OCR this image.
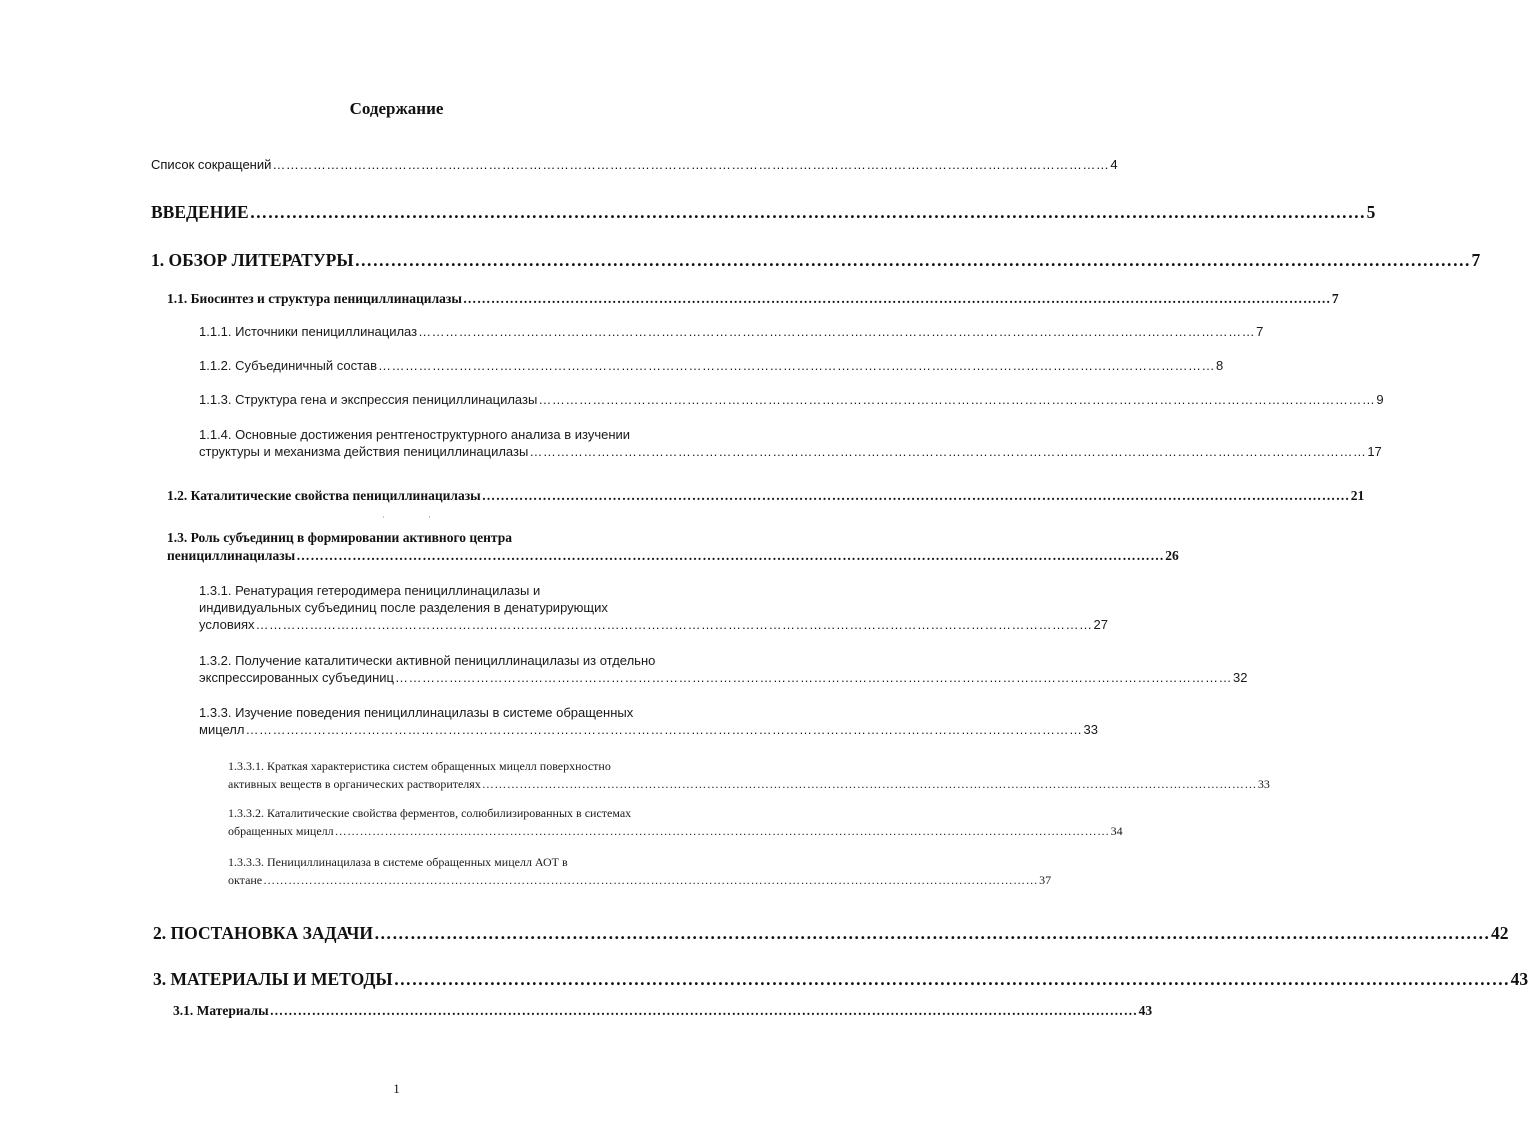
Содержание
Список сокращений …………………………………………………………………………………………………………………………………………………………………… 4
ВВЕДЕНИЕ …………………………………………………………………………………………………………………………………………………………………… 5
1. ОБЗОР ЛИТЕРАТУРЫ …………………………………………………………………………………………………………………………………………………………………… 7
1.1. Биосинтез и структура пенициллинацилазы …………………………………………………………………………………………………………………………………………………………………… 7
1.1.1. Источники пенициллинацилаз …………………………………………………………………………………………………………………………………………………………………… 7
1.1.2. Субъединичный состав …………………………………………………………………………………………………………………………………………………………………… 8
1.1.3. Структура гена и экспрессия пенициллинацилазы …………………………………………………………………………………………………………………………………………………………………… 9
1.1.4. Основные достижения рентгеноструктурного анализа в изучении
структуры и механизма действия пенициллинацилазы …………………………………………………………………………………………………………………………………………………………………… 17
1.2. Каталитические свойства пенициллинацилазы …………………………………………………………………………………………………………………………………………………………………… 21
·	·
1.3. Роль субъединиц в формировании активного центра
пенициллинацилазы …………………………………………………………………………………………………………………………………………………………………… 26
1.3.1. Ренатурация гетеродимера пенициллинацилазы и
индивидуальных субъединиц после разделения в денатурирующих
условиях …………………………………………………………………………………………………………………………………………………………………… 27
1.3.2. Получение каталитически активной пенициллинацилазы из отдельно
экспрессированных субъединиц …………………………………………………………………………………………………………………………………………………………………… 32
1.3.3. Изучение поведения пенициллинацилазы в системе обращенных
мицелл …………………………………………………………………………………………………………………………………………………………………… 33
1.3.3.1. Краткая характеристика систем обращенных мицелл поверхностно
активных веществ в органических растворителях …………………………………………………………………………………………………………………………………………………………………… 33
1.3.3.2. Каталитические свойства ферментов, солюбилизированных в системах
обращенных мицелл …………………………………………………………………………………………………………………………………………………………………… 34
1.3.3.3. Пенициллинацилаза в системе обращенных мицелл АОТ в
октане …………………………………………………………………………………………………………………………………………………………………… 37
2. ПОСТАНОВКА ЗАДАЧИ …………………………………………………………………………………………………………………………………………………………………… 42
3. МАТЕРИАЛЫ И МЕТОДЫ …………………………………………………………………………………………………………………………………………………………………… 43
3.1. Материалы …………………………………………………………………………………………………………………………………………………………………… 43
1
